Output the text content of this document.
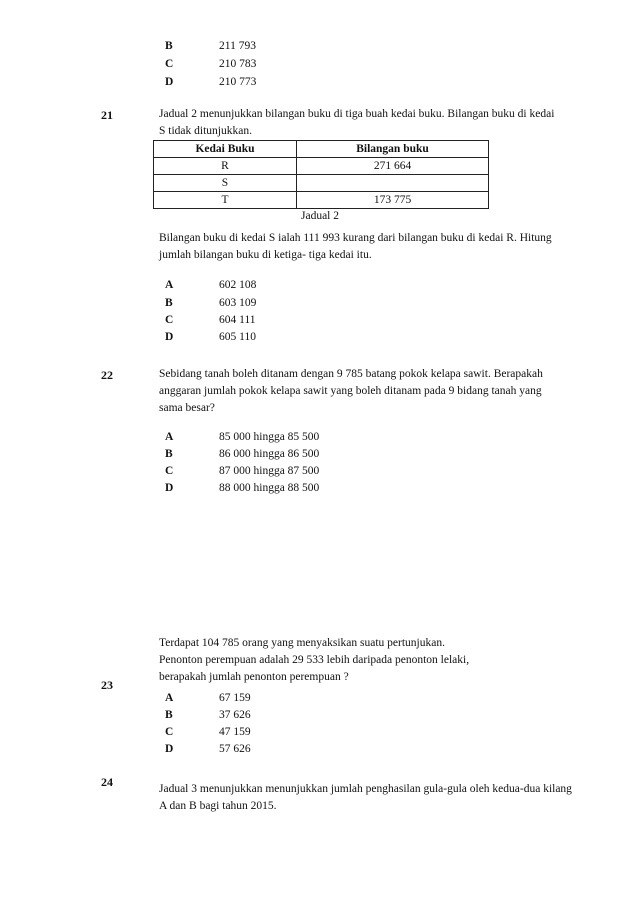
B	211 793
C	210 783
D	210 773
21	Jadual 2 menunjukkan bilangan buku di tiga buah kedai buku. Bilangan buku di kedai
S tidak ditunjukkan.
Kedai Buku	Bilangan buku
R	271 664
S	
T	173 775
Jadual 2
Bilangan buku di kedai S ialah 111 993 kurang dari bilangan buku di kedai R. Hitung
jumlah bilangan buku di ketiga- tiga kedai itu.
A	602 108
B	603 109
C	604 111
D	605 110
22	Sebidang tanah boleh ditanam dengan 9 785 batang pokok kelapa sawit. Berapakah
anggaran jumlah pokok kelapa sawit yang boleh ditanam pada 9 bidang tanah yang
sama besar?
A	85 000 hingga 85 500
B	86 000 hingga 86 500
C	87 000 hingga 87 500
D	88 000 hingga 88 500
Terdapat 104 785 orang yang menyaksikan suatu pertunjukan.
Penonton perempuan adalah 29 533 lebih daripada penonton lelaki,
berapakah jumlah penonton perempuan ?
23
A	67 159
B	37 626
C	47 159
D	57 626
24	Jadual 3 menunjukkan menunjukkan jumlah penghasilan gula-gula oleh kedua-dua kilang
A dan B bagi tahun 2015.
